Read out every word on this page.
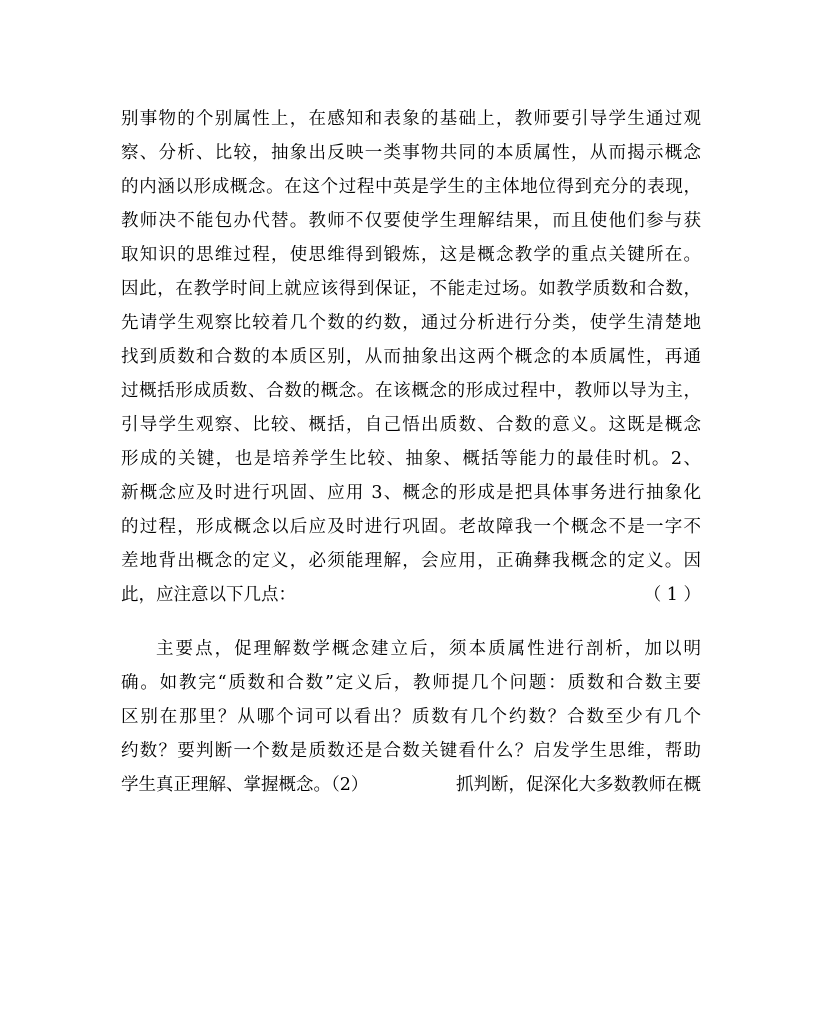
别事物的个别属性上，在感知和表象的基础上，教师要引导学生通过观
察、分析、比较，抽象出反映一类事物共同的本质属性，从而揭示概念
的内涵以形成概念。在这个过程中英是学生的主体地位得到充分的表现，
教师决不能包办代替。教师不仅要使学生理解结果，而且使他们参与获
取知识的思维过程，使思维得到锻炼，这是概念教学的重点关键所在。
因此，在教学时间上就应该得到保证，不能走过场。如教学质数和合数，
先请学生观察比较着几个数的约数，通过分析进行分类，使学生清楚地
找到质数和合数的本质区别，从而抽象出这两个概念的本质属性，再通
过概括形成质数、合数的概念。在该概念的形成过程中，教师以导为主，
引导学生观察、比较、概括，自己悟出质数、合数的意义。这既是概念
形成的关键，也是培养学生比较、抽象、概括等能力的最佳时机。2、
新概念应及时进行巩固、应用 3、概念的形成是把具体事务进行抽象化
的过程，形成概念以后应及时进行巩固。老故障我一个概念不是一字不
差地背出概念的定义，必须能理解，会应用，正确彝我概念的定义。因
此，应注意以下几点：	（ 1 ）
主要点，促理解数学概念建立后，须本质属性进行剖析，加以明
确。如教完“质数和合数”定义后，教师提几个问题：质数和合数主要
区别在那里？从哪个词可以看出？质数有几个约数？合数至少有几个
约数？要判断一个数是质数还是合数关键看什么？启发学生思维，帮助
学生真正理解、掌握概念。（2）	抓判断，促深化大多数教师在概
